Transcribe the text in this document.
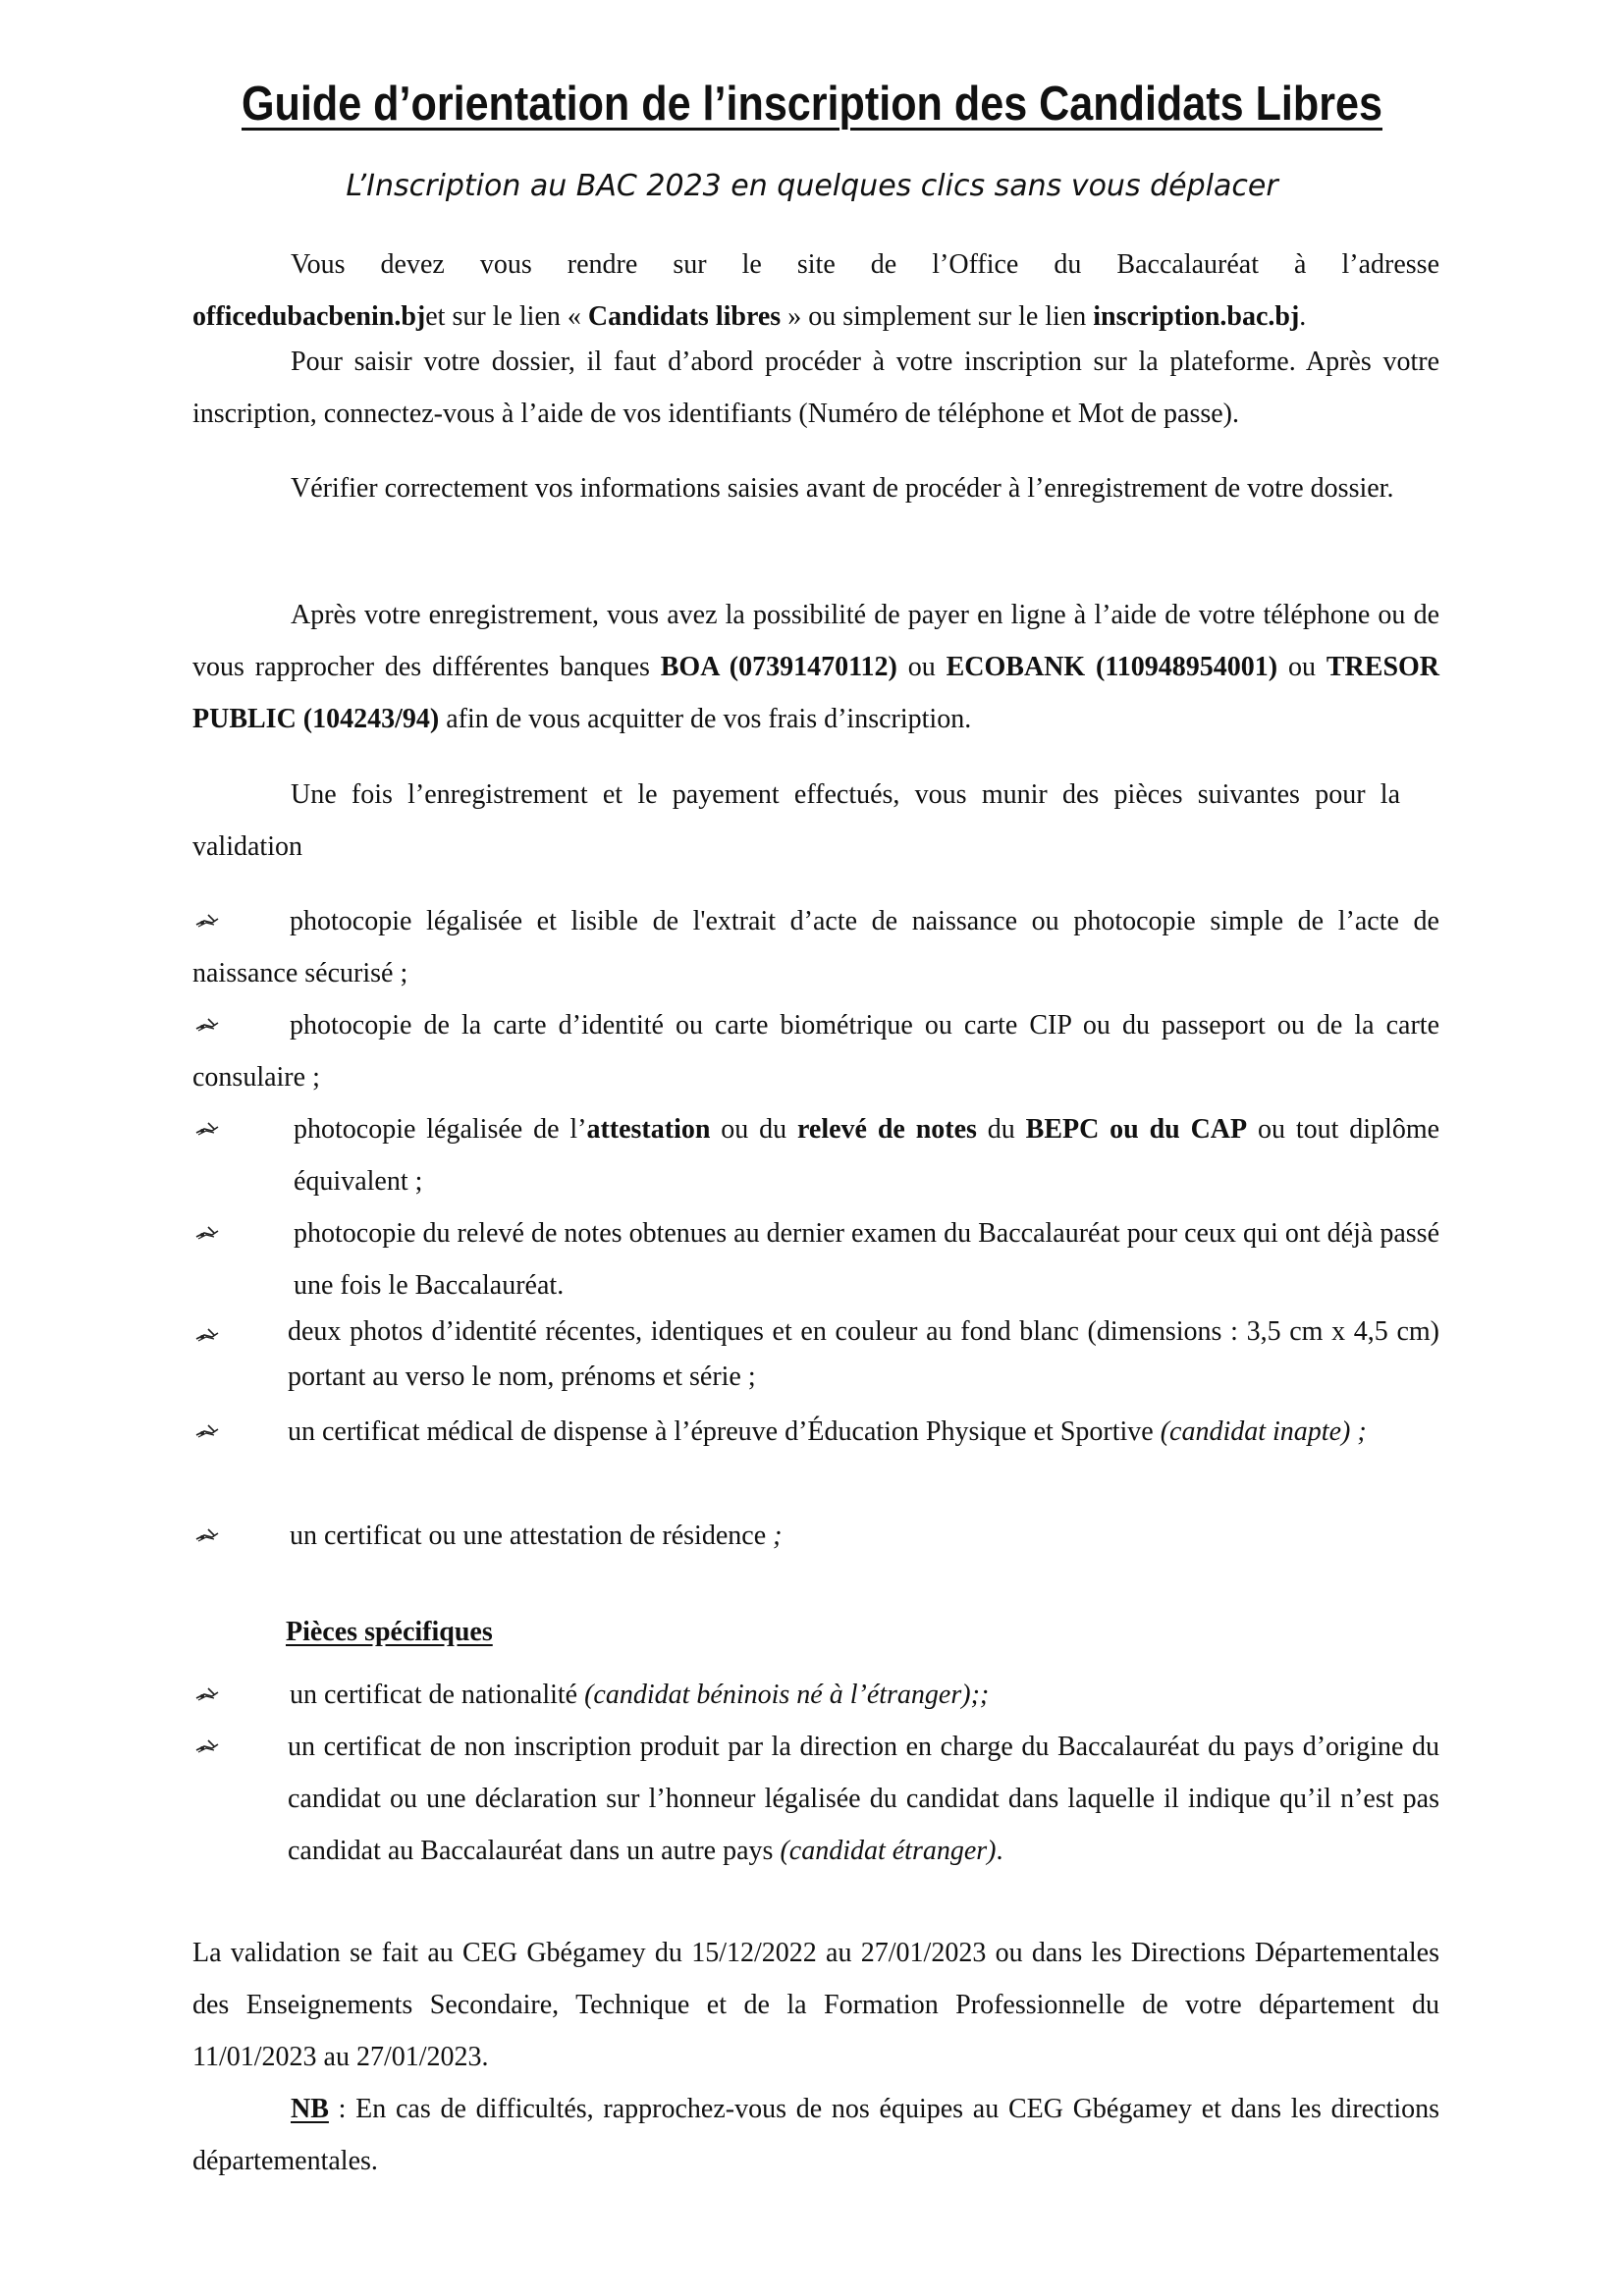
Guide d’orientation de l’inscription des Candidats Libres
L’Inscription au BAC 2023 en quelques clics sans vous déplacer
Vous devez vous rendre sur le site de l’Office du Baccalauréat à l’adresse
officedubacbenin.bjet sur le lien « Candidats libres » ou simplement sur le lien inscription.bac.bj.
Pour saisir votre dossier, il faut d’abord procéder à votre inscription sur la plateforme. Après votre inscription, connectez-vous à l’aide de vos identifiants (Numéro de téléphone et Mot de passe).
Vérifier correctement vos informations saisies avant de procéder à l’enregistrement de votre dossier.
Après votre enregistrement, vous avez la possibilité de payer en ligne à l’aide de votre téléphone ou de vous rapprocher des différentes banques BOA (07391470112) ou ECOBANK (110948954001) ou TRESOR PUBLIC (104243/94) afin de vous acquitter de vos frais d’inscription.
Une fois l’enregistrement et le payement effectués, vous munir des pièces suivantes pour la validation
photocopie légalisée et lisible de l'extrait d’acte de naissance ou photocopie simple de l’acte de naissance sécurisé ;
photocopie de la carte d’identité ou carte biométrique ou carte CIP ou du passeport ou de la carte consulaire ;
photocopie légalisée de l’attestation ou du relevé de notes du BEPC ou du CAP ou tout diplôme équivalent ;
photocopie du relevé de notes obtenues au dernier examen du Baccalauréat pour ceux qui ont déjà passé une fois le Baccalauréat.
deux photos d’identité récentes, identiques et en couleur au fond blanc (dimensions : 3,5 cm x 4,5 cm) portant au verso le nom, prénoms et série ;
un certificat médical de dispense à l’épreuve d’Éducation Physique et Sportive (candidat inapte) ;
un certificat ou une attestation de résidence ;
Pièces spécifiques
un certificat de nationalité (candidat béninois né à l’étranger);;
un certificat de non inscription produit par la direction en charge du Baccalauréat du pays d’origine du candidat ou une déclaration sur l’honneur légalisée du candidat dans laquelle il indique qu’il n’est pas candidat au Baccalauréat dans un autre pays (candidat étranger).
La validation se fait au CEG Gbégamey du 15/12/2022 au 27/01/2023 ou dans les Directions Départementales des Enseignements Secondaire, Technique et de la Formation Professionnelle de votre département du 11/01/2023 au 27/01/2023.
NB : En cas de difficultés, rapprochez-vous de nos équipes au CEG Gbégamey et dans les directions départementales.
